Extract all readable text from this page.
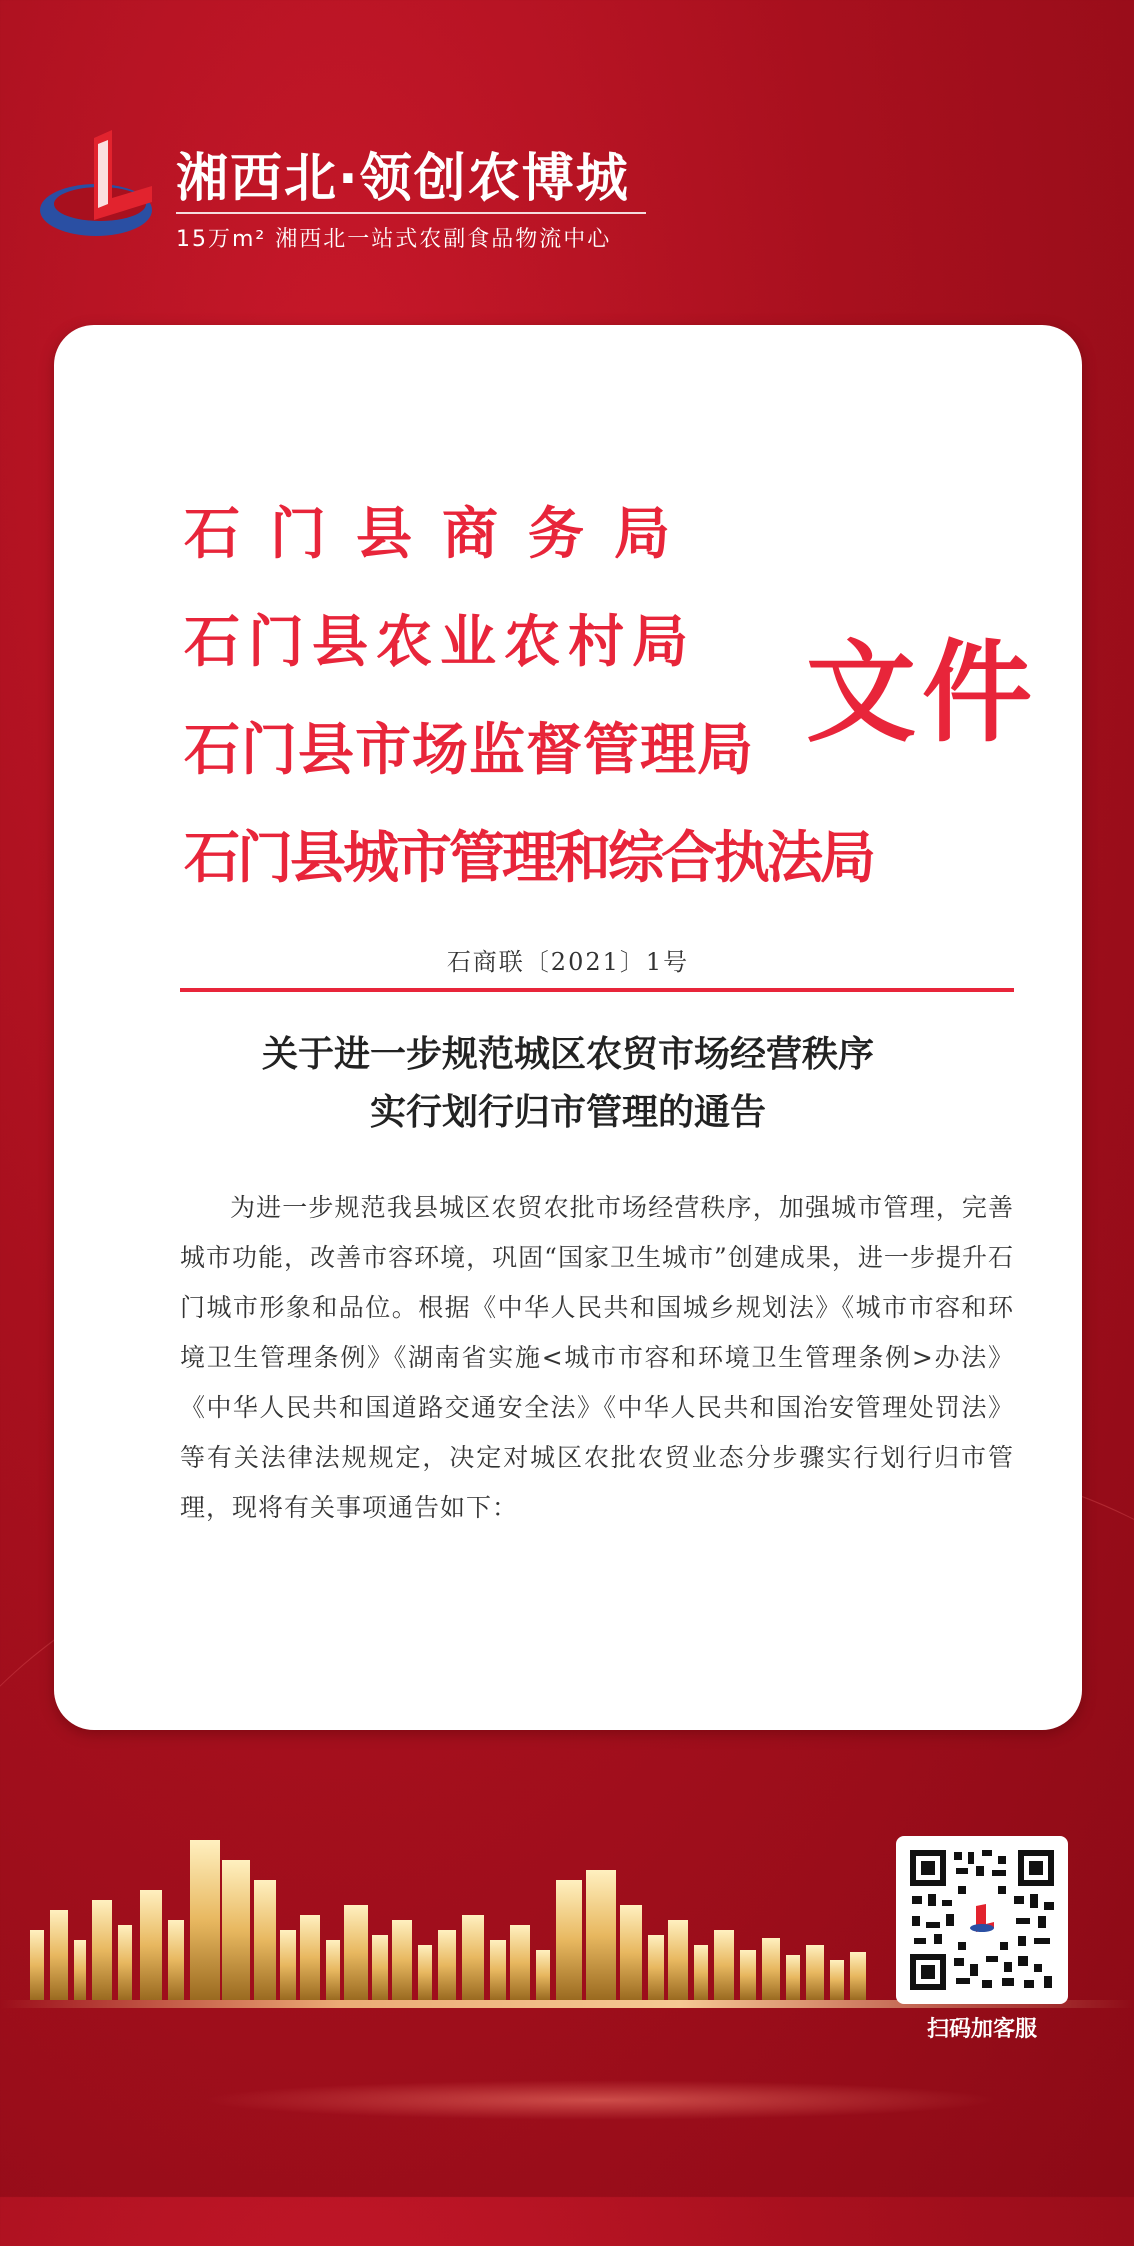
湘西北·领创农博城
15万m² 湘西北一站式农副食品物流中心
石门县商务局
石门县农业农村局
石门县市场监督管理局
石门县城市管理和综合执法局
文件
石商联〔2021〕1号
关于进一步规范城区农贸市场经营秩序
实行划行归市管理的通告
为进一步规范我县城区农贸农批市场经营秩序，加强城市管理，完善城市功能，改善市容环境，巩固“国家卫生城市”创建成果，进一步提升石门城市形象和品位。根据《中华人民共和国城乡规划法》《城市市容和环境卫生管理条例》《湖南省实施<城市市容和环境卫生管理条例>办法》《中华人民共和国道路交通安全法》《中华人民共和国治安管理处罚法》等有关法律法规规定，决定对城区农批农贸业态分步骤实行划行归市管理，现将有关事项通告如下：
扫码加客服
